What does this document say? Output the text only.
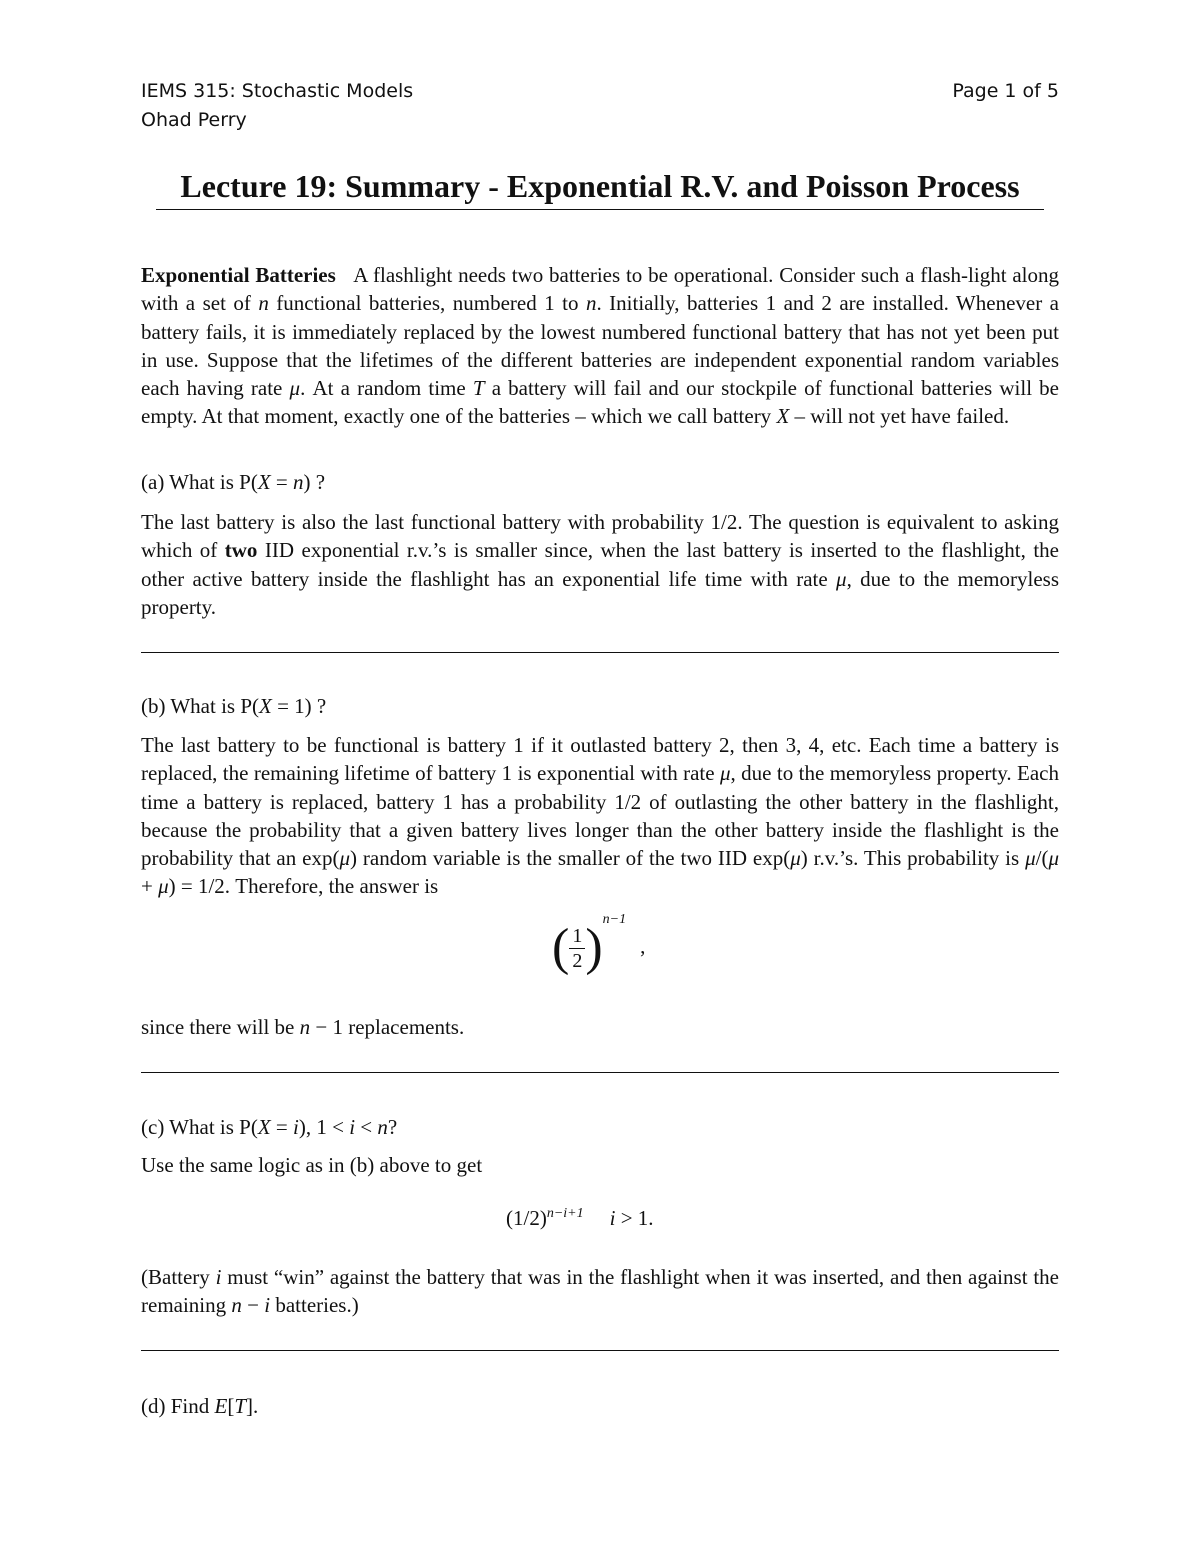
IEMS 315: Stochastic Models
Ohad Perry
Page 1 of 5
Lecture 19: Summary - Exponential R.V. and Poisson Process

Exponential Batteries A flashlight needs two batteries to be operational. Consider such a flash-light along with a set of n functional batteries, numbered 1 to n. Initially, batteries 1 and 2 are installed. Whenever a battery fails, it is immediately replaced by the lowest numbered functional battery that has not yet been put in use. Suppose that the lifetimes of the different batteries are independent exponential random variables each having rate μ. At a random time T a battery will fail and our stockpile of functional batteries will be empty. At that moment, exactly one of the batteries – which we call battery X – will not yet have failed.

(a) What is P(X = n) ?

The last battery is also the last functional battery with probability 1/2. The question is equivalent to asking which of two IID exponential r.v.’s is smaller since, when the last battery is inserted to the flashlight, the other active battery inside the flashlight has an exponential life time with rate μ, due to the memoryless property.

(b) What is P(X = 1) ?

The last battery to be functional is battery 1 if it outlasted battery 2, then 3, 4, etc. Each time a battery is replaced, the remaining lifetime of battery 1 is exponential with rate μ, due to the memoryless property. Each time a battery is replaced, battery 1 has a probability 1/2 of outlasting the other battery in the flashlight, because the probability that a given battery lives longer than the other battery inside the flashlight is the probability that an exp(μ) random variable is the smaller of the two IID exp(μ) r.v.’s. This probability is μ/(μ + μ) = 1/2. Therefore, the answer is

( $\frac{1}{2} )^{n-1}$,

since there will be n − 1 replacements.

(c) What is P(X = i), 1 < i < n?

Use the same logic as in (b) above to get

$(1/2)^{n-i+1}$ i > 1.

(Battery i must “win” against the battery that was in the flashlight when it was inserted, and then against the remaining n − i batteries.)

(d) Find E[T].
